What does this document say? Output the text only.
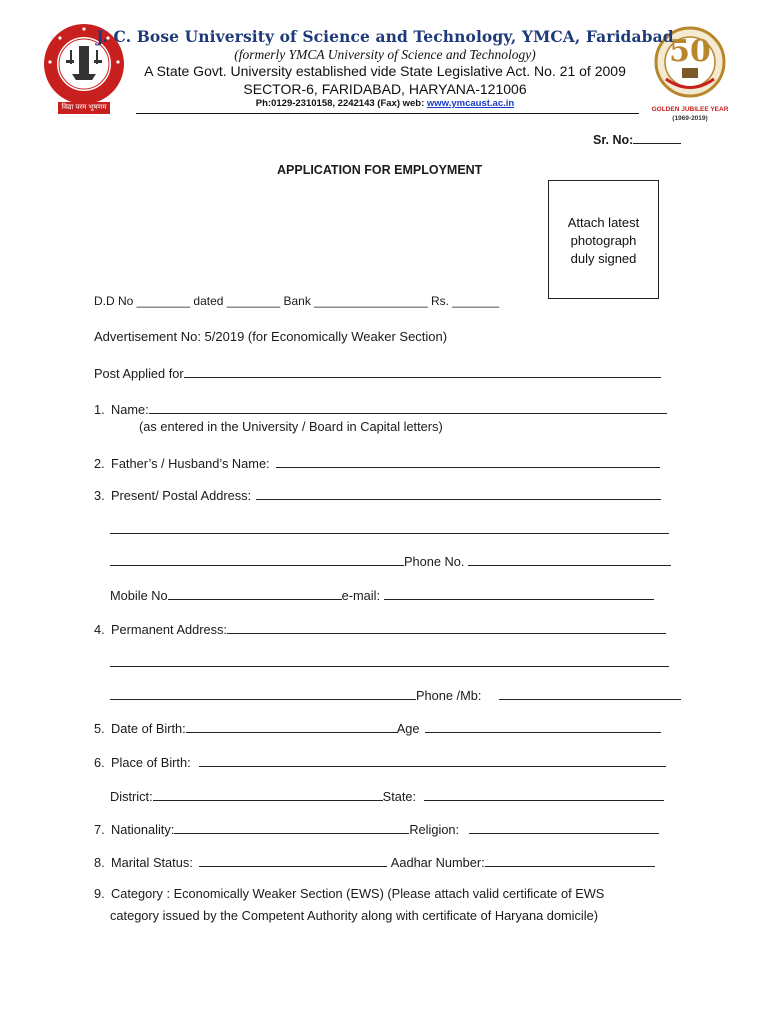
विद्या परम भूषणम
50
GOLDEN JUBILEE YEAR
(1969-2019)
J. C. Bose University of Science and Technology, YMCA, Faridabad
(formerly YMCA University of Science and Technology)
A State Govt. University established vide State Legislative Act. No. 21 of 2009
SECTOR-6, FARIDABAD, HARYANA-121006
Ph:0129-2310158, 2242143 (Fax) web: www.ymcaust.ac.in
Sr. No:
APPLICATION FOR EMPLOYMENT
Attach latest
photograph
duly signed
D.D No ________ dated ________ Bank _________________ Rs. _______
Advertisement No: 5/2019 (for Economically Weaker Section)
Post Applied for
1. Name:
(as entered in the University / Board in Capital letters)
2. Father’s / Husband’s Name:
3. Present/ Postal Address:
Phone No.
Mobile No	e-mail:
4. Permanent Address:
Phone /Mb:
5. Date of Birth:	Age
6. Place of Birth:
District:	State:
7. Nationality:	Religion:
8. Marital Status:	Aadhar Number:
9. Category : Economically Weaker Section (EWS) (Please attach valid certificate of EWS
category issued by the Competent Authority along with certificate of Haryana domicile)
